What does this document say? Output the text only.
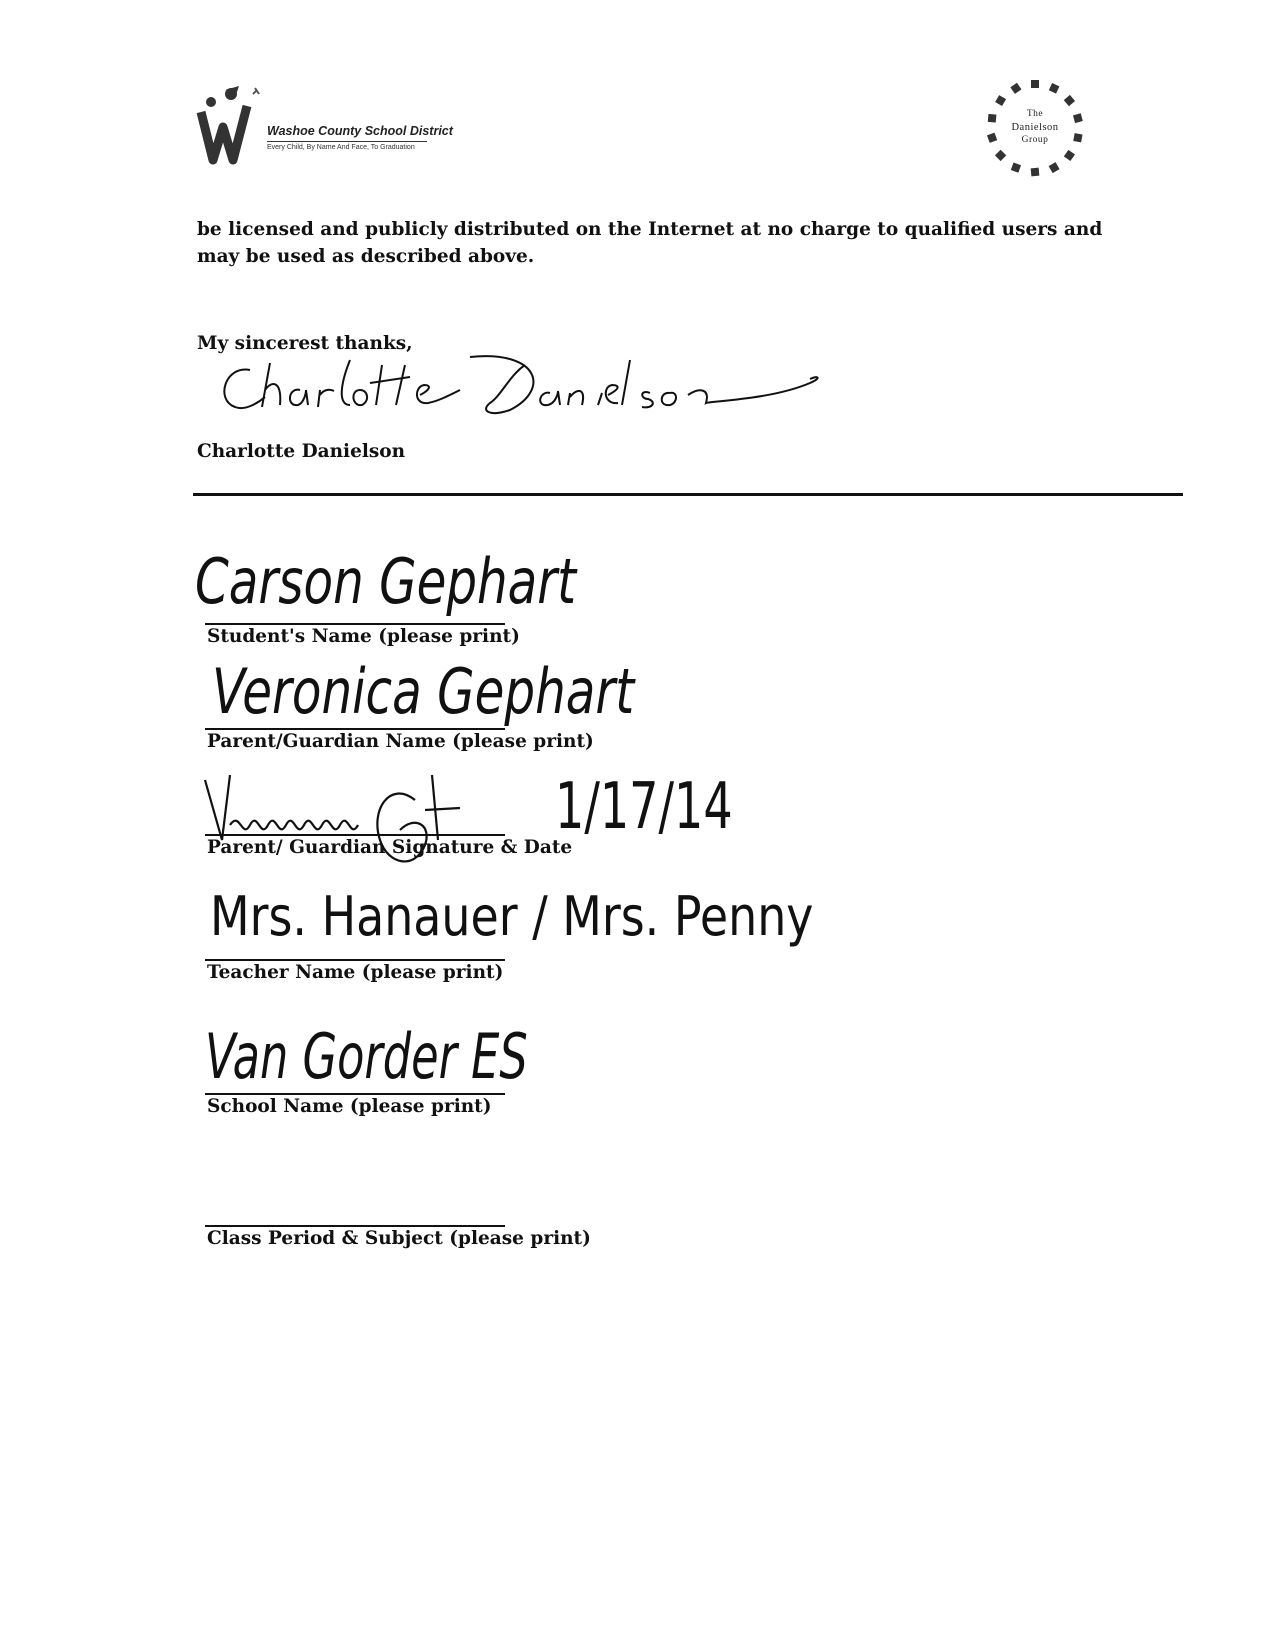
Washoe County School District
Every Child, By Name And Face, To Graduation
The
Danielson
Group
be licensed and publicly distributed on the Internet at no charge to qualified users and may be used as described above.
My sincerest thanks,
Charlotte Danielson
Carson Gephart
Student's Name (please print)
Veronica Gephart
Parent/Guardian Name (please print)
1/17/14
Parent/ Guardian Signature & Date
Mrs. Hanauer / Mrs. Penny
Teacher Name (please print)
Van Gorder ES
School Name (please print)
Class Period & Subject (please print)
